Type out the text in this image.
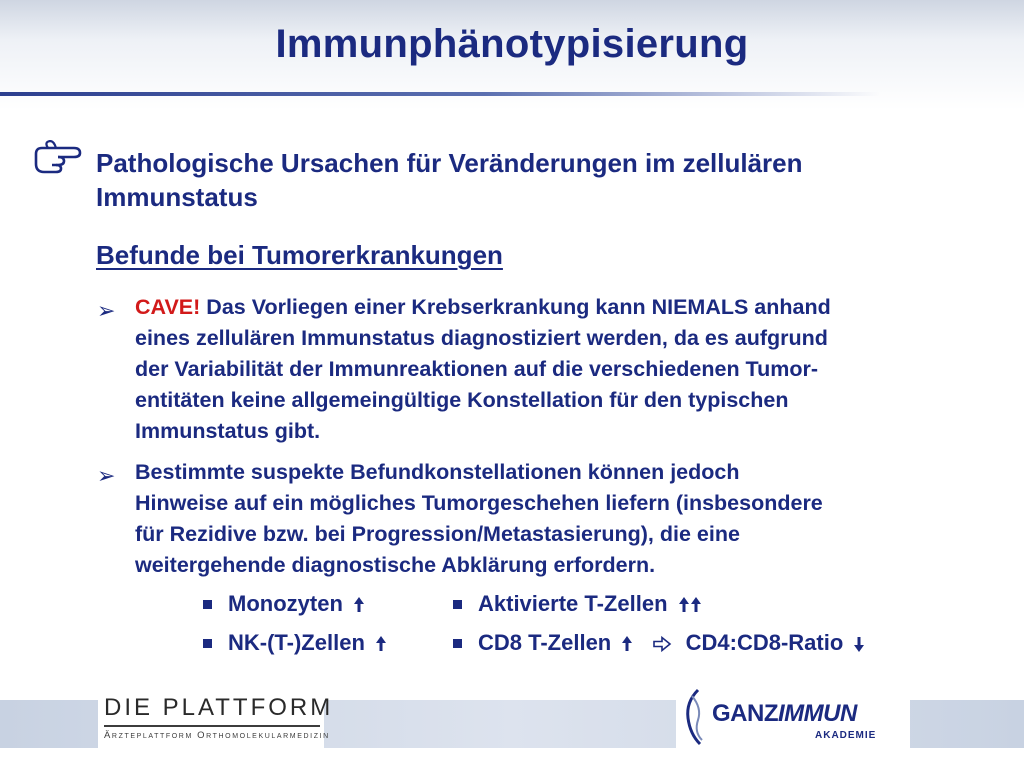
Immunphänotypisierung
Pathologische Ursachen für Veränderungen im zellulären
Immunstatus
Befunde bei Tumorerkrankungen
➢ CAVE! Das Vorliegen einer Krebserkrankung kann NIEMALS anhand
eines zellulären Immunstatus diagnostiziert werden, da es aufgrund
der Variabilität der Immunreaktionen auf die verschiedenen Tumor-
entitäten keine allgemeingültige Konstellation für den typischen
Immunstatus gibt.
➢ Bestimmte suspekte Befundkonstellationen können jedoch
Hinweise auf ein mögliches Tumorgeschehen liefern (insbesondere
für Rezidive bzw. bei Progression/Metastasierung), die eine
weitergehende diagnostische Abklärung erfordern.
Monozyten	Aktivierte T-Zellen
NK-(T-)Zellen	CD8 T-Zellen	CD4:CD8-Ratio
DIE PLATTFORM
Ärzteplattform Orthomolekularmedizin
GANZIMMUN
AKADEMIE
